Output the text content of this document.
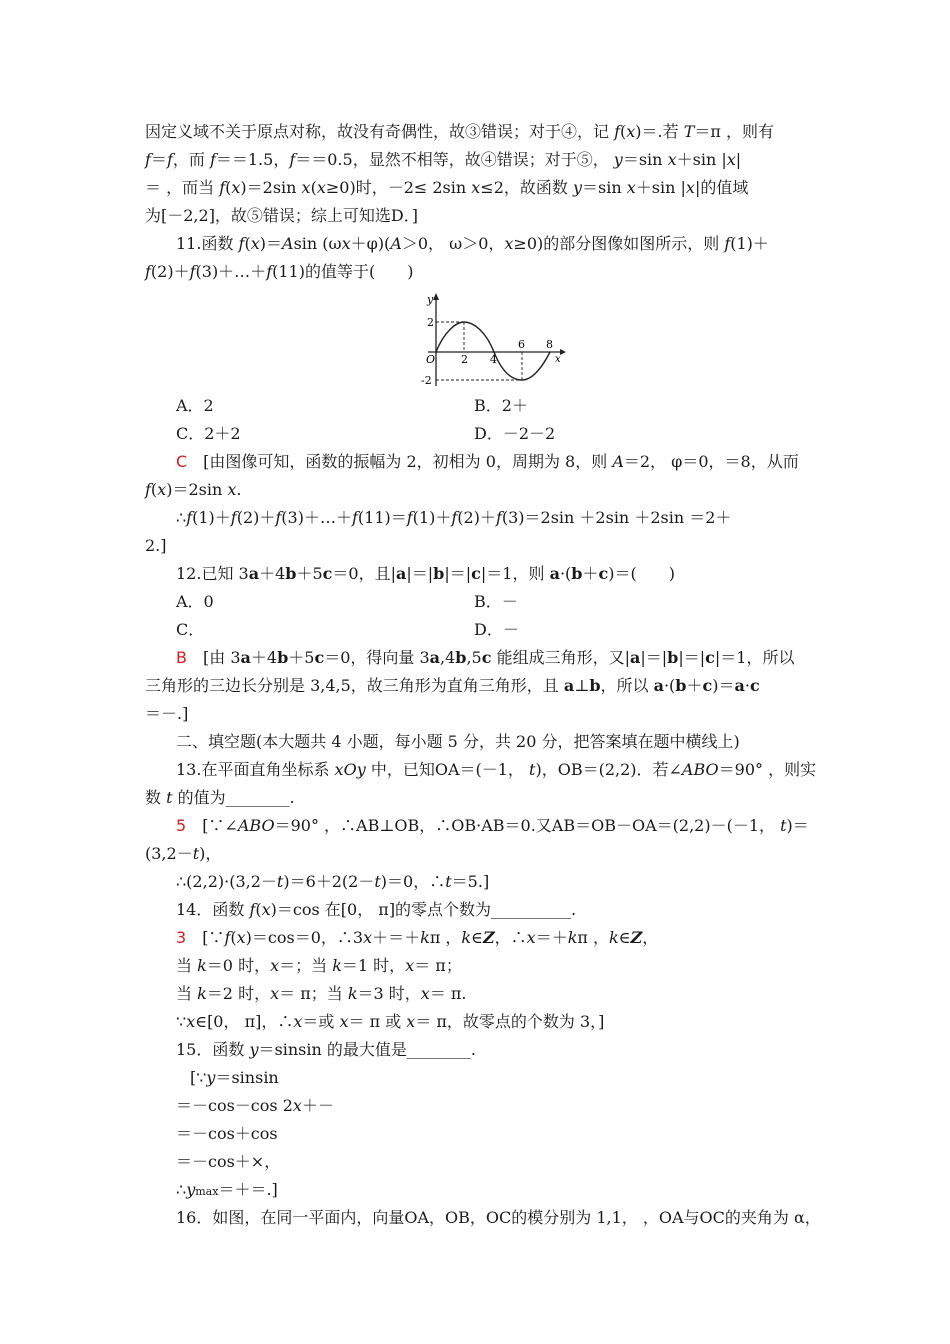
因定义域不关于原点对称，故没有奇偶性，故③错误；对于④，记 f(x)＝.若 T＝π ，则有
f＝f，而 f＝＝1.5，f＝＝0.5，显然不相等，故④错误；对于⑤， y＝sin x＋sin |x|
＝ ，而当 f(x)＝2sin x(x≥0)时，－2≤ 2sin x≤2，故函数 y＝sin x＋sin |x|的值域
为[－2,2]，故⑤错误；综上可知选D．]
11.函数 f(x)＝Asin (ωx＋φ)(A＞0， ω＞0，x≥0)的部分图像如图所示，则 f(1)＋
f(2)＋f(3)＋…＋f(11)的值等于(　　)
A．2	B．2＋
C．2＋2	D．－2－2
C　[由图像可知，函数的振幅为 2，初相为 0，周期为 8，则 A＝2， φ＝0，＝8，从而
f(x)＝2sin x.
∴f(1)＋f(2)＋f(3)＋…＋f(11)＝f(1)＋f(2)＋f(3)＝2sin ＋2sin ＋2sin ＝2＋
2.]
12.已知 3a＋4b＋5c＝0，且|a|＝|b|＝|c|＝1，则 a·(b＋c)＝(　　)
A．0	B．－
C．	D．－
B　[由 3a＋4b＋5c＝0，得向量 3a,4b,5c 能组成三角形，又|a|＝|b|＝|c|＝1，所以
三角形的三边长分别是 3,4,5，故三角形为直角三角形，且 a⊥b，所以 a·(b＋c)＝a·c
＝－.]
二、填空题(本大题共 4 小题，每小题 5 分，共 20 分，把答案填在题中横线上)
13.在平面直角坐标系 xOy 中，已知OA＝(－1， t)，OB＝(2,2)．若∠ABO＝90° ，则实
数 t 的值为________.
5　[∵∠ABO＝90° ，∴AB⊥OB，∴OB·AB＝0.又AB＝OB－OA＝(2,2)－(－1， t)＝
(3,2－t)，
∴(2,2)·(3,2－t)＝6＋2(2－t)＝0，∴t＝5.]
14．函数 f(x)＝cos 在[0， π]的零点个数为__________.
3　[∵f(x)＝cos＝0，∴3x＋＝＋kπ ，k∈Z，∴x＝＋kπ ，k∈Z，
当 k＝0 时，x＝；当 k＝1 时，x＝ π；
当 k＝2 时，x＝ π；当 k＝3 时，x＝ π.
∵x∈[0， π]，∴x＝或 x＝ π 或 x＝ π，故零点的个数为 3，]
15．函数 y＝sinsin 的最大值是________.
[∵y＝sinsin
＝－cos－cos 2x＋－
＝－cos＋cos
＝－cos＋×，
∴ymax＝＋＝.]
16．如图，在同一平面内，向量OA，OB，OC的模分别为 1,1， ，OA与OC的夹角为 α，
y
x
O 2 4
6 8
2
-2
